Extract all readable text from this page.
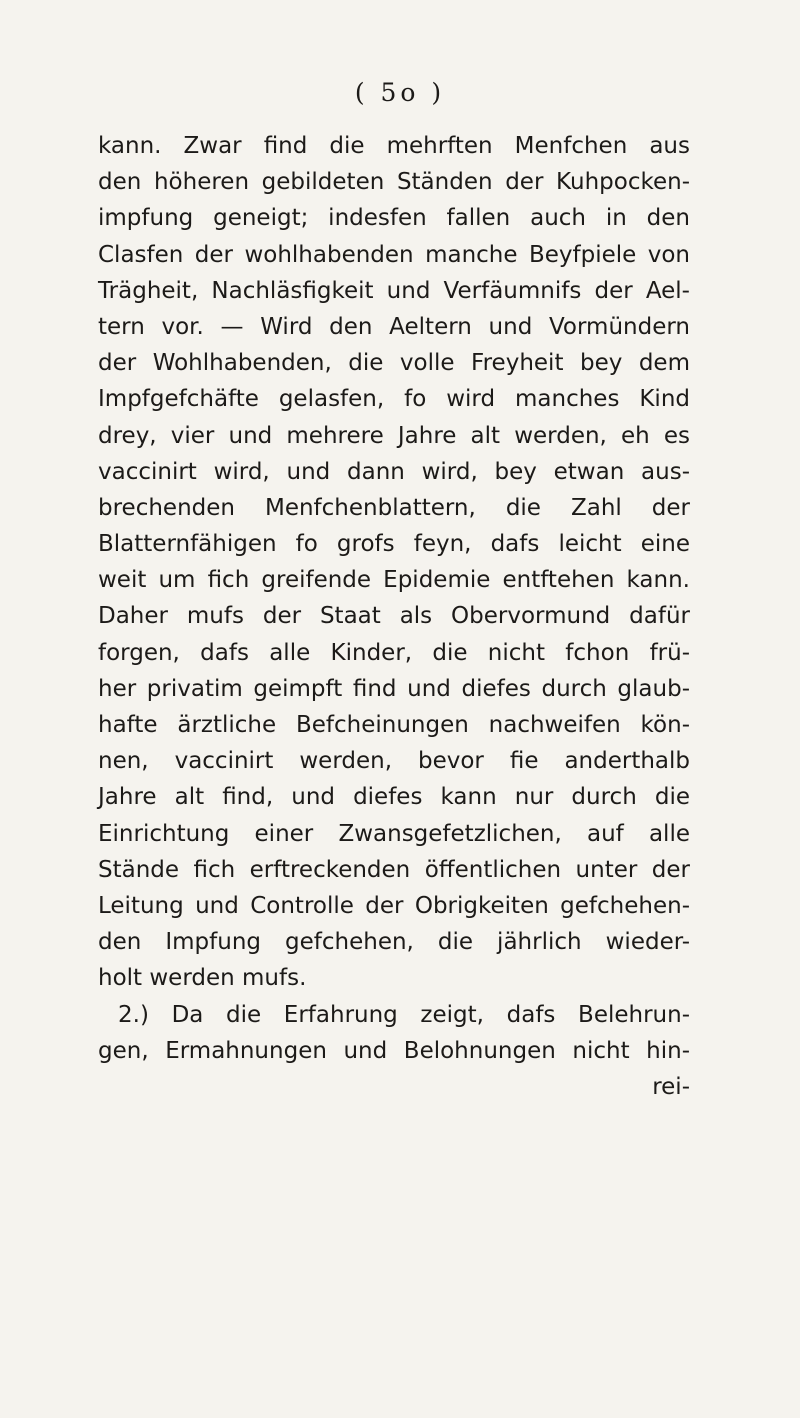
( 5o )
kann. Zwar find die mehrften Menfchen aus
den höheren gebildeten Ständen der Kuhpocken-
impfung geneigt; indesfen fallen auch in den
Clasfen der wohlhabenden manche Beyfpiele von
Trägheit, Nachläsfigkeit und Verfäumnifs der Ael-
tern vor. — Wird den Aeltern und Vormündern
der Wohlhabenden, die volle Freyheit bey dem
Impfgefchäfte gelasfen, fo wird manches Kind
drey, vier und mehrere Jahre alt werden, eh es
vaccinirt wird, und dann wird, bey etwan aus-
brechenden Menfchenblattern, die Zahl der
Blatternfähigen fo grofs feyn, dafs leicht eine
weit um fich greifende Epidemie entftehen kann.
Daher mufs der Staat als Obervormund dafür
forgen, dafs alle Kinder, die nicht fchon frü-
her privatim geimpft find und diefes durch glaub-
hafte ärztliche Befcheinungen nachweifen kön-
nen, vaccinirt werden, bevor fie anderthalb
Jahre alt find, und diefes kann nur durch die
Einrichtung einer Zwansgefetzlichen, auf alle
Stände fich erftreckenden öffentlichen unter der
Leitung und Controlle der Obrigkeiten gefchehen-
den Impfung gefchehen, die jährlich wieder-
holt werden mufs.
2.) Da die Erfahrung zeigt, dafs Belehrun-
gen, Ermahnungen und Belohnungen nicht hin-
rei-
